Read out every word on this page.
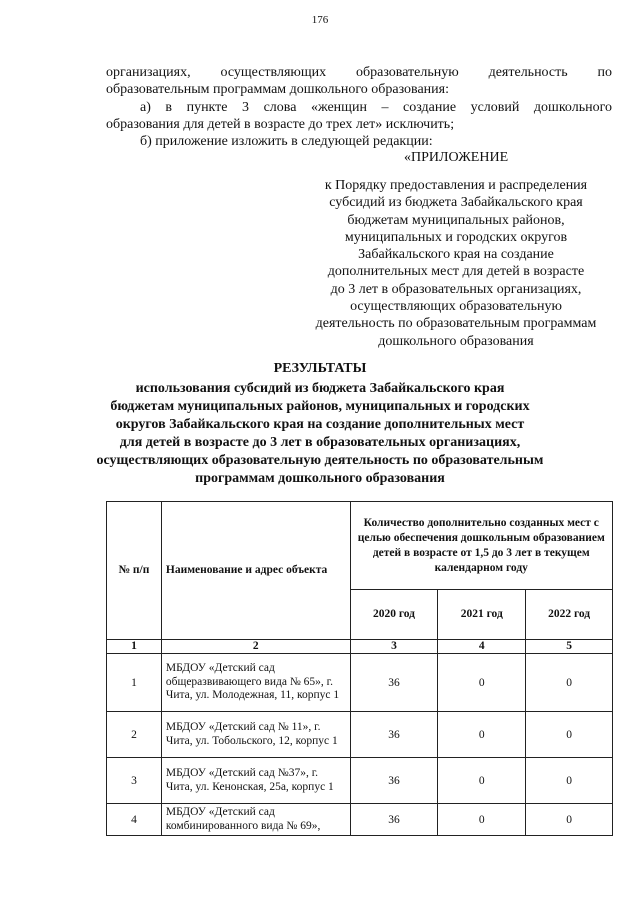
176

организациях, осуществляющих образовательную деятельность по

образовательным программам дошкольного образования:

а) в пункте 3 слова «женщин – создание условий дошкольного

образования для детей в возрасте до трех лет» исключить;

б) приложение изложить в следующей редакции:

«ПРИЛОЖЕНИЕ
к Порядку предоставления и распределения
субсидий из бюджета Забайкальского края
бюджетам муниципальных районов,
муниципальных и городских округов
Забайкальского края на создание
дополнительных мест для детей в возрасте
до 3 лет в образовательных организациях,
осуществляющих образовательную
деятельность по образовательным программам
дошкольного образования
РЕЗУЛЬТАТЫ
использования субсидий из бюджета Забайкальского края
бюджетам муниципальных районов, муниципальных и городских
округов Забайкальского края на создание дополнительных мест
для детей в возрасте до 3 лет в образовательных организациях,
осуществляющих образовательную деятельность по образовательным
программам дошкольного образования
№ п/п	Наименование и адрес объекта	Количество дополнительно созданных мест с целью обеспечения дошкольным образованием детей в возрасте от 1,5 до 3 лет в текущем календарном году		
		2020 год	2021 год	2022 год
1	2	3	4	5
1	МБДОУ «Детский сад общеразвивающего вида № 65», г. Чита, ул. Молодежная, 11, корпус 1	36	0	0
2	МБДОУ «Детский сад № 11», г. Чита, ул. Тобольского, 12, корпус 1	36	0	0
3	МБДОУ «Детский сад №37», г. Чита, ул. Кенонская, 25а, корпус 1	36	0	0
4	МБДОУ «Детский сад комбинированного вида № 69»,	36	0	0
